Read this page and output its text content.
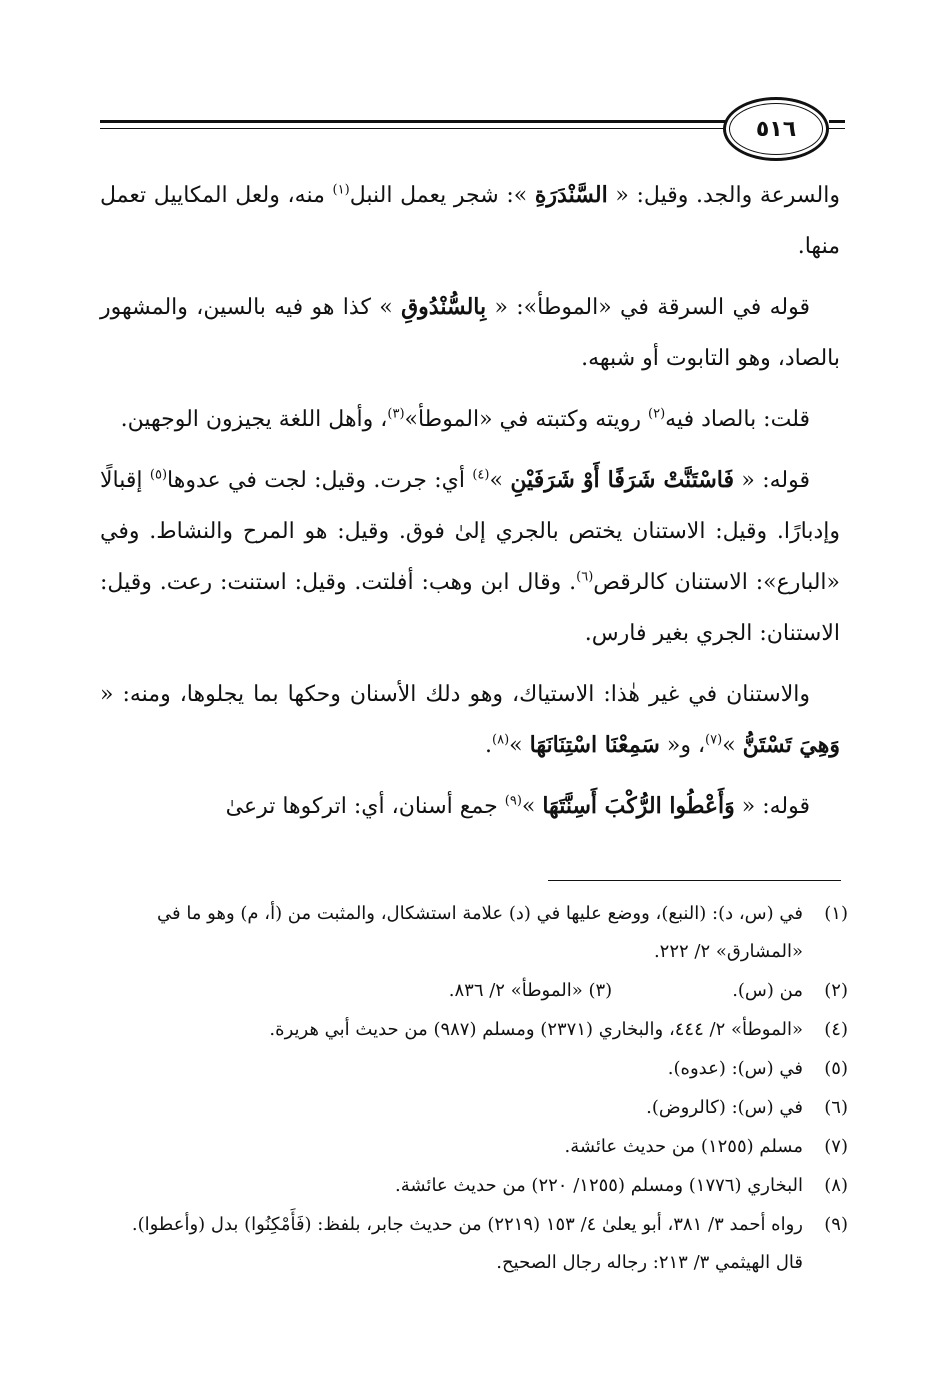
٥١٦

والسرعة والجد. وقيل: « السَّنْدَرَةِ »: شجر يعمل النبل$^{(١)}$ منه، ولعل المكاييل تعمل منها.

قوله في السرقة في «الموطأ»: « بِالسُّنْدُوقِ » كذا هو فيه بالسين، والمشهور بالصاد، وهو التابوت أو شبهه.

قلت: بالصاد فيه$^{(٢)}$ رويته وكتبته في «الموطأ»$^{(٣)}$، وأهل اللغة يجيزون الوجهين.

قوله: « فَاسْتَنَّتْ شَرَفًا أَوْ شَرَفَيْنِ »$^{(٤)}$ أي: جرت. وقيل: لجت في عدوها$^{(٥)}$ إقبالًا وإدبارًا. وقيل: الاستنان يختص بالجري إلىٰ فوق. وقيل: هو المرح والنشاط. وفي «البارع»: الاستنان كالرقص$^{(٦)}$. وقال ابن وهب: أفلتت. وقيل: استنت: رعت. وقيل: الاستنان: الجري بغير فارس.

والاستنان في غير هٰذا: الاستياك، وهو دلك الأسنان وحكها بما يجلوها، ومنه: « وَهِيَ تَسْتَنُّ »$^{(٧)}$، و« سَمِعْنَا اسْتِنَانَهَا »$^{(٨)}$.

قوله: « وَأَعْطُوا الرُّكْبَ أَسِنَّتَهَا »$^{(٩)}$ جمع أسنان، أي: اتركوها ترعىٰ

(١)
في (س، د): (النبع)، ووضع عليها في (د) علامة استشكال، والمثبت من (أ، م) وهو ما في «المشارق» ٢/ ٢٢٢.
(٢)
من (س).
(٣) «الموطأ» ٢/ ٨٣٦.
(٤)
«الموطأ» ٢/ ٤٤٤، والبخاري (٢٣٧١) ومسلم (٩٨٧) من حديث أبي هريرة.
(٥)
في (س): (عدوه).
(٦)
في (س): (كالروض).
(٧)
مسلم (١٢٥٥) من حديث عائشة.
(٨)
البخاري (١٧٧٦) ومسلم (١٢٥٥/ ٢٢٠) من حديث عائشة.
(٩)
رواه أحمد ٣/ ٣٨١، أبو يعلىٰ ٤/ ١٥٣ (٢٢١٩) من حديث جابر، بلفظ: (فَأَمْكِنُوا) بدل (وأعطوا). قال الهيثمي ٣/ ٢١٣: رجاله رجال الصحيح.
